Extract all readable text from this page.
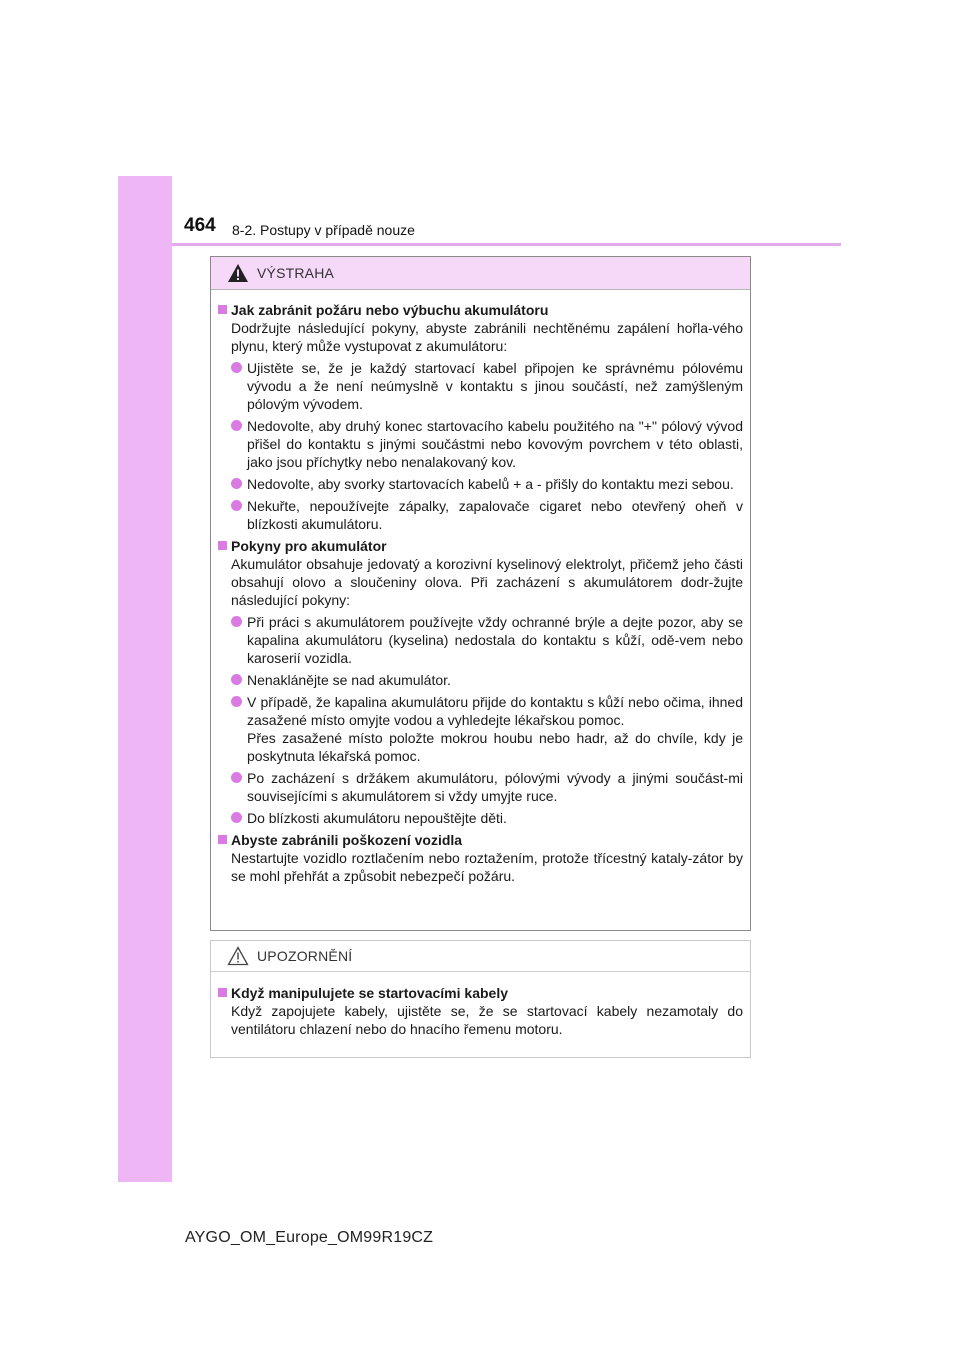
464 8-2. Postupy v případě nouze
VÝSTRAHA
Jak zabránit požáru nebo výbuchu akumulátoru
Dodržujte následující pokyny, abyste zabránili nechtěnému zapálení hořla-vého plynu, který může vystupovat z akumulátoru:
Ujistěte se, že je každý startovací kabel připojen ke správnému pólovému vývodu a že není neúmyslně v kontaktu s jinou součástí, než zamýšleným pólovým vývodem.
Nedovolte, aby druhý konec startovacího kabelu použitého na "+" pólový vývod přišel do kontaktu s jinými součástmi nebo kovovým povrchem v této oblasti, jako jsou příchytky nebo nenalakovaný kov.
Nedovolte, aby svorky startovacích kabelů + a - přišly do kontaktu mezi sebou.
Nekuřte, nepoužívejte zápalky, zapalovače cigaret nebo otevřený oheň v blízkosti akumulátoru.
Pokyny pro akumulátor
Akumulátor obsahuje jedovatý a korozivní kyselinový elektrolyt, přičemž jeho části obsahují olovo a sloučeniny olova. Při zacházení s akumulátorem dodr-žujte následující pokyny:
Při práci s akumulátorem používejte vždy ochranné brýle a dejte pozor, aby se kapalina akumulátoru (kyselina) nedostala do kontaktu s kůží, odě-vem nebo karoserií vozidla.
Nenaklánějte se nad akumulátor.
V případě, že kapalina akumulátoru přijde do kontaktu s kůží nebo očima, ihned zasažené místo omyjte vodou a vyhledejte lékařskou pomoc.
Přes zasažené místo položte mokrou houbu nebo hadr, až do chvíle, kdy je poskytnuta lékařská pomoc.
Po zacházení s držákem akumulátoru, pólovými vývody a jinými součást-mi souvisejícími s akumulátorem si vždy umyjte ruce.
Do blízkosti akumulátoru nepouštějte děti.
Abyste zabránili poškození vozidla
Nestartujte vozidlo roztlačením nebo roztažením, protože třícestný kataly-zátor by se mohl přehřát a způsobit nebezpečí požáru.
UPOZORNĚNÍ
Když manipulujete se startovacími kabely
Když zapojujete kabely, ujistěte se, že se startovací kabely nezamotaly do ventilátoru chlazení nebo do hnacího řemenu motoru.
AYGO_OM_Europe_OM99R19CZ
